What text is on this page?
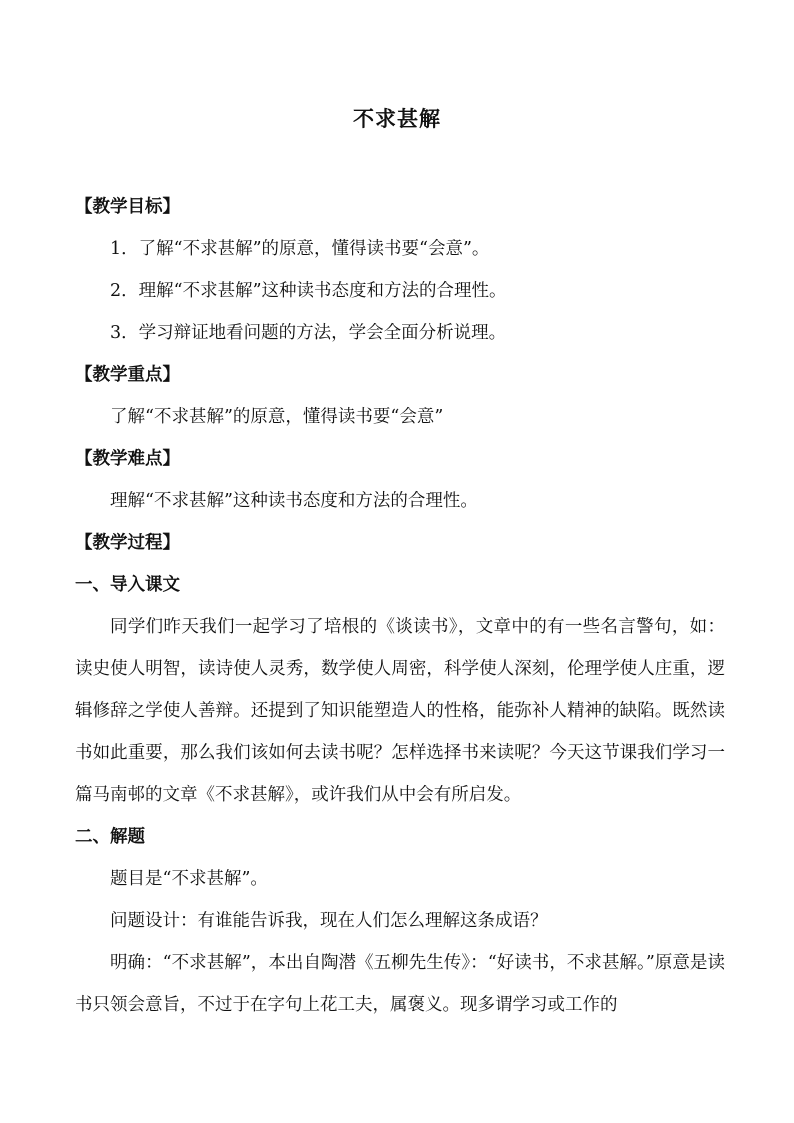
不求甚解

【教学目标】

1．了解“不求甚解”的原意，懂得读书要“会意”。

2．理解“不求甚解”这种读书态度和方法的合理性。

3．学习辩证地看问题的方法，学会全面分析说理。

【教学重点】

了解“不求甚解”的原意，懂得读书要“会意”

【教学难点】

理解“不求甚解”这种读书态度和方法的合理性。

【教学过程】

一、导入课文

同学们昨天我们一起学习了培根的《谈读书》，文章中的有一些名言警句，如：读史使人明智，读诗使人灵秀，数学使人周密，科学使人深刻，伦理学使人庄重，逻辑修辞之学使人善辩。还提到了知识能塑造人的性格，能弥补人精神的缺陷。既然读书如此重要，那么我们该如何去读书呢？怎样选择书来读呢？今天这节课我们学习一篇马南邨的文章《不求甚解》，或许我们从中会有所启发。

二、解题

题目是“不求甚解”。

问题设计：有谁能告诉我，现在人们怎么理解这条成语？

明确：“不求甚解”，本出自陶潜《五柳先生传》：“好读书，不求甚解。”原意是读书只领会意旨，不过于在字句上花工夫，属褒义。现多谓学习或工作的
